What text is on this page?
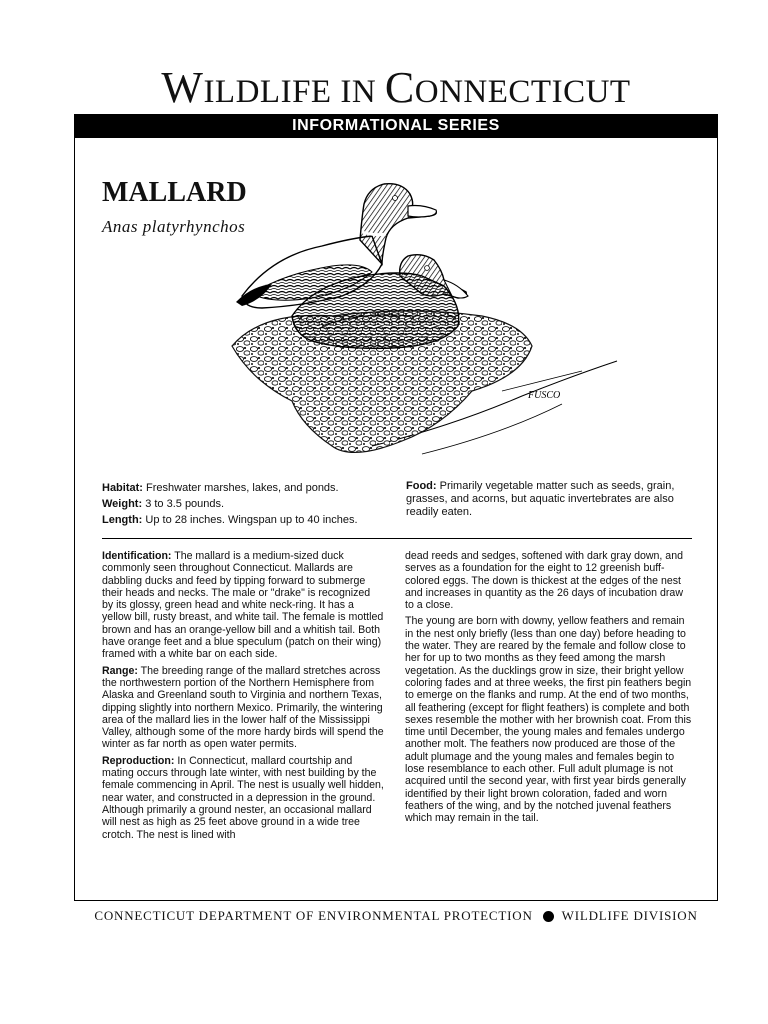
WILDLIFE IN CONNECTICUT
INFORMATIONAL SERIES
MALLARD
Anas platyrhynchos
FUSCO
Habitat: Freshwater marshes, lakes, and ponds.
Weight: 3 to 3.5 pounds.
Length: Up to 28 inches. Wingspan up to 40 inches.
Food: Primarily vegetable matter such as seeds, grain, grasses, and acorns, but aquatic invertebrates are also readily eaten.

Identification: The mallard is a medium-sized duck commonly seen throughout Connecticut. Mallards are dabbling ducks and feed by tipping forward to submerge their heads and necks. The male or "drake" is recognized by its glossy, green head and white neck-ring. It has a yellow bill, rusty breast, and white tail. The female is mottled brown and has an orange-yellow bill and a whitish tail. Both have orange feet and a blue speculum (patch on their wing) framed with a white bar on each side.

Range: The breeding range of the mallard stretches across the northwestern portion of the Northern Hemisphere from Alaska and Greenland south to Virginia and northern Texas, dipping slightly into northern Mexico. Primarily, the wintering area of the mallard lies in the lower half of the Mississippi Valley, although some of the more hardy birds will spend the winter as far north as open water permits.

Reproduction: In Connecticut, mallard courtship and mating occurs through late winter, with nest building by the female commencing in April. The nest is usually well hidden, near water, and constructed in a depression in the ground. Although primarily a ground nester, an occasional mallard will nest as high as 25 feet above ground in a wide tree crotch. The nest is lined with

dead reeds and sedges, softened with dark gray down, and serves as a foundation for the eight to 12 greenish buff-colored eggs. The down is thickest at the edges of the nest and increases in quantity as the 26 days of incubation draw to a close.

The young are born with downy, yellow feathers and remain in the nest only briefly (less than one day) before heading to the water. They are reared by the female and follow close to her for up to two months as they feed among the marsh vegetation. As the ducklings grow in size, their bright yellow coloring fades and at three weeks, the first pin feathers begin to emerge on the flanks and rump. At the end of two months, all feathering (except for flight feathers) is complete and both sexes resemble the mother with her brownish coat. From this time until December, the young males and females undergo another molt. The feathers now produced are those of the adult plumage and the young males and females begin to lose resemblance to each other. Full adult plumage is not acquired until the second year, with first year birds generally identified by their light brown coloration, faded and worn feathers of the wing, and by the notched juvenal feathers which may remain in the tail.

CONNECTICUT DEPARTMENT OF ENVIRONMENTAL PROTECTION WILDLIFE DIVISION
